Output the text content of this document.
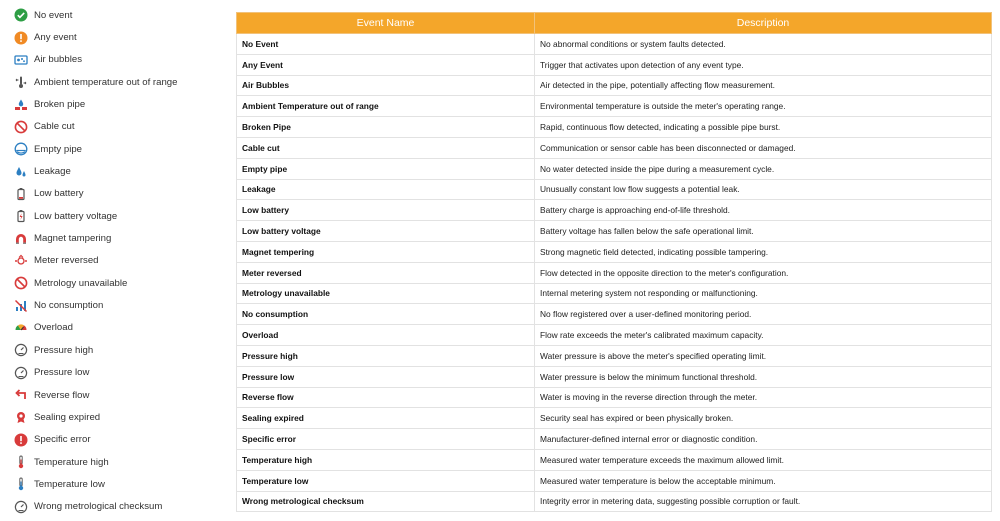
No event
Any event
Air bubbles
Ambient temperature out of range
Broken pipe
Cable cut
Empty pipe
Leakage
Low battery
Low battery voltage
Magnet tampering
Meter reversed
Metrology unavailable
No consumption
Overload
Pressure high
Pressure low
Reverse flow
Sealing expired
Specific error
Temperature high
Temperature low
Wrong metrological checksum
Event Name	Description
No Event	No abnormal conditions or system faults detected.
Any Event	Trigger that activates upon detection of any event type.
Air Bubbles	Air detected in the pipe, potentially affecting flow measurement.
Ambient Temperature out of range	Environmental temperature is outside the meter's operating range.
Broken Pipe	Rapid, continuous flow detected, indicating a possible pipe burst.
Cable cut	Communication or sensor cable has been disconnected or damaged.
Empty pipe	No water detected inside the pipe during a measurement cycle.
Leakage	Unusually constant low flow suggests a potential leak.
Low battery	Battery charge is approaching end-of-life threshold.
Low battery voltage	Battery voltage has fallen below the safe operational limit.
Magnet tempering	Strong magnetic field detected, indicating possible tampering.
Meter reversed	Flow detected in the opposite direction to the meter's configuration.
Metrology unavailable	Internal metering system not responding or malfunctioning.
No consumption	No flow registered over a user-defined monitoring period.
Overload	Flow rate exceeds the meter's calibrated maximum capacity.
Pressure high	Water pressure is above the meter's specified operating limit.
Pressure low	Water pressure is below the minimum functional threshold.
Reverse flow	Water is moving in the reverse direction through the meter.
Sealing expired	Security seal has expired or been physically broken.
Specific error	Manufacturer-defined internal error or diagnostic condition.
Temperature high	Measured water temperature exceeds the maximum allowed limit.
Temperature low	Measured water temperature is below the acceptable minimum.
Wrong metrological checksum	Integrity error in metering data, suggesting possible corruption or fault.
